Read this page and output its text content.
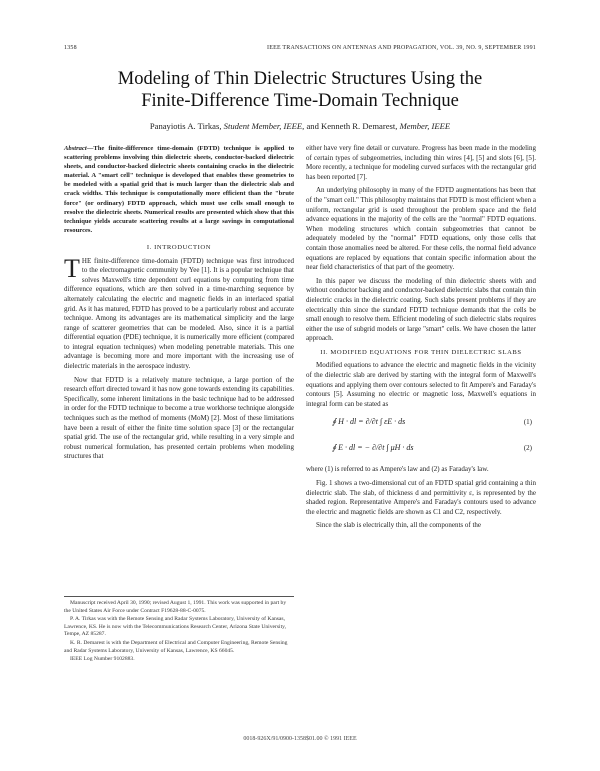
1358	IEEE TRANSACTIONS ON ANTENNAS AND PROPAGATION, VOL. 39, NO. 9, SEPTEMBER 1991
Modeling of Thin Dielectric Structures Using the
Finite-Difference Time-Domain Technique
Panayiotis A. Tirkas, Student Member, IEEE, and Kenneth R. Demarest, Member, IEEE
Abstract—The finite-difference time-domain (FDTD) technique is applied to scattering problems involving thin dielectric sheets, conductor-backed dielectric sheets, and conductor-backed dielectric sheets containing cracks in the dielectric material. A "smart cell" technique is developed that enables these geometries to be modeled with a spatial grid that is much larger than the dielectric slab and crack widths. This technique is computationally more efficient than the "brute force" (or ordinary) FDTD approach, which must use cells small enough to resolve the dielectric sheets. Numerical results are presented which show that this technique yields accurate scattering results at a large savings in computational resources.
I. INTRODUCTION

THE finite-difference time-domain (FDTD) technique was first introduced to the electromagnetic community by Yee [1]. It is a popular technique that solves Maxwell's time dependent curl equations by computing from time difference equations, which are then solved in a time-marching sequence by alternately calculating the electric and magnetic fields in an interlaced spatial grid. As it has matured, FDTD has proved to be a particularly robust and accurate technique. Among its advantages are its mathematical simplicity and the large range of scatterer geometries that can be modeled. Also, since it is a partial differential equation (PDE) technique, it is numerically more efficient (compared to integral equation techniques) when modeling penetrable materials. This one advantage is becoming more and more important with the increasing use of dielectric materials in the aerospace industry.

Now that FDTD is a relatively mature technique, a large portion of the research effort directed toward it has now gone towards extending its capabilities. Specifically, some inherent limitations in the basic technique had to be addressed in order for the FDTD technique to become a true workhorse technique alongside techniques such as the method of moments (MoM) [2]. Most of these limitations have been a result of either the finite time solution space [3] or the rectangular spatial grid. The use of the rectangular grid, while resulting in a very simple and robust numerical formulation, has presented certain problems when modeling structures that

Manuscript received April 30, 1990; revised August 1, 1991. This work was supported in part by the United States Air Force under Contract F19628-88-C-0075.

P. A. Tirkas was with the Remote Sensing and Radar Systems Laboratory, University of Kansas, Lawrence, KS. He is now with the Telecommunications Research Center, Arizona State University, Tempe, AZ 85287.

K. R. Demarest is with the Department of Electrical and Computer Engineering, Remote Sensing and Radar Systems Laboratory, University of Kansas, Lawrence, KS 66045.

IEEE Log Number 9102883.

either have very fine detail or curvature. Progress has been made in the modeling of certain types of subgeometries, including thin wires [4], [5] and slots [6], [5]. More recently, a technique for modeling curved surfaces with the rectangular grid has been reported [7].

An underlying philosophy in many of the FDTD augmentations has been that of the "smart cell." This philosophy maintains that FDTD is most efficient when a uniform, rectangular grid is used throughout the problem space and the field advance equations in the majority of the cells are the "normal" FDTD equations. When modeling structures which contain subgeometries that cannot be adequately modeled by the "normal" FDTD equations, only those cells that contain those anomalies need be altered. For these cells, the normal field advance equations are replaced by equations that contain specific information about the near field characteristics of that part of the geometry.

In this paper we discuss the modeling of thin dielectric sheets with and without conductor backing and conductor-backed dielectric slabs that contain thin dielectric cracks in the dielectric coating. Such slabs present problems if they are electrically thin since the standard FDTD technique demands that the cells be small enough to resolve them. Efficient modeling of such dielectric slabs requires either the use of subgrid models or large "smart" cells. We have chosen the latter approach.

II. MODIFIED EQUATIONS FOR THIN DIELECTRIC SLABS

Modified equations to advance the electric and magnetic fields in the vicinity of the dielectric slab are derived by starting with the integral form of Maxwell's equations and applying them over contours selected to fit Ampere's and Faraday's contours [5]. Assuming no electric or magnetic loss, Maxwell's equations in integral form can be stated as

∮ H · dl = ∂/∂t ∫ εE · ds	(1)
∮ E · dl = − ∂/∂t ∫ μH · ds	(2)

where (1) is referred to as Ampere's law and (2) as Faraday's law.

Fig. 1 shows a two-dimensional cut of an FDTD spatial grid containing a thin dielectric slab. The slab, of thickness d and permittivity ε, is represented by the shaded region. Representative Ampere's and Faraday's contours used to advance the electric and magnetic fields are shown as C1 and C2, respectively.

Since the slab is electrically thin, all the components of the

0018-926X/91/0900-1358$01.00 © 1991 IEEE
